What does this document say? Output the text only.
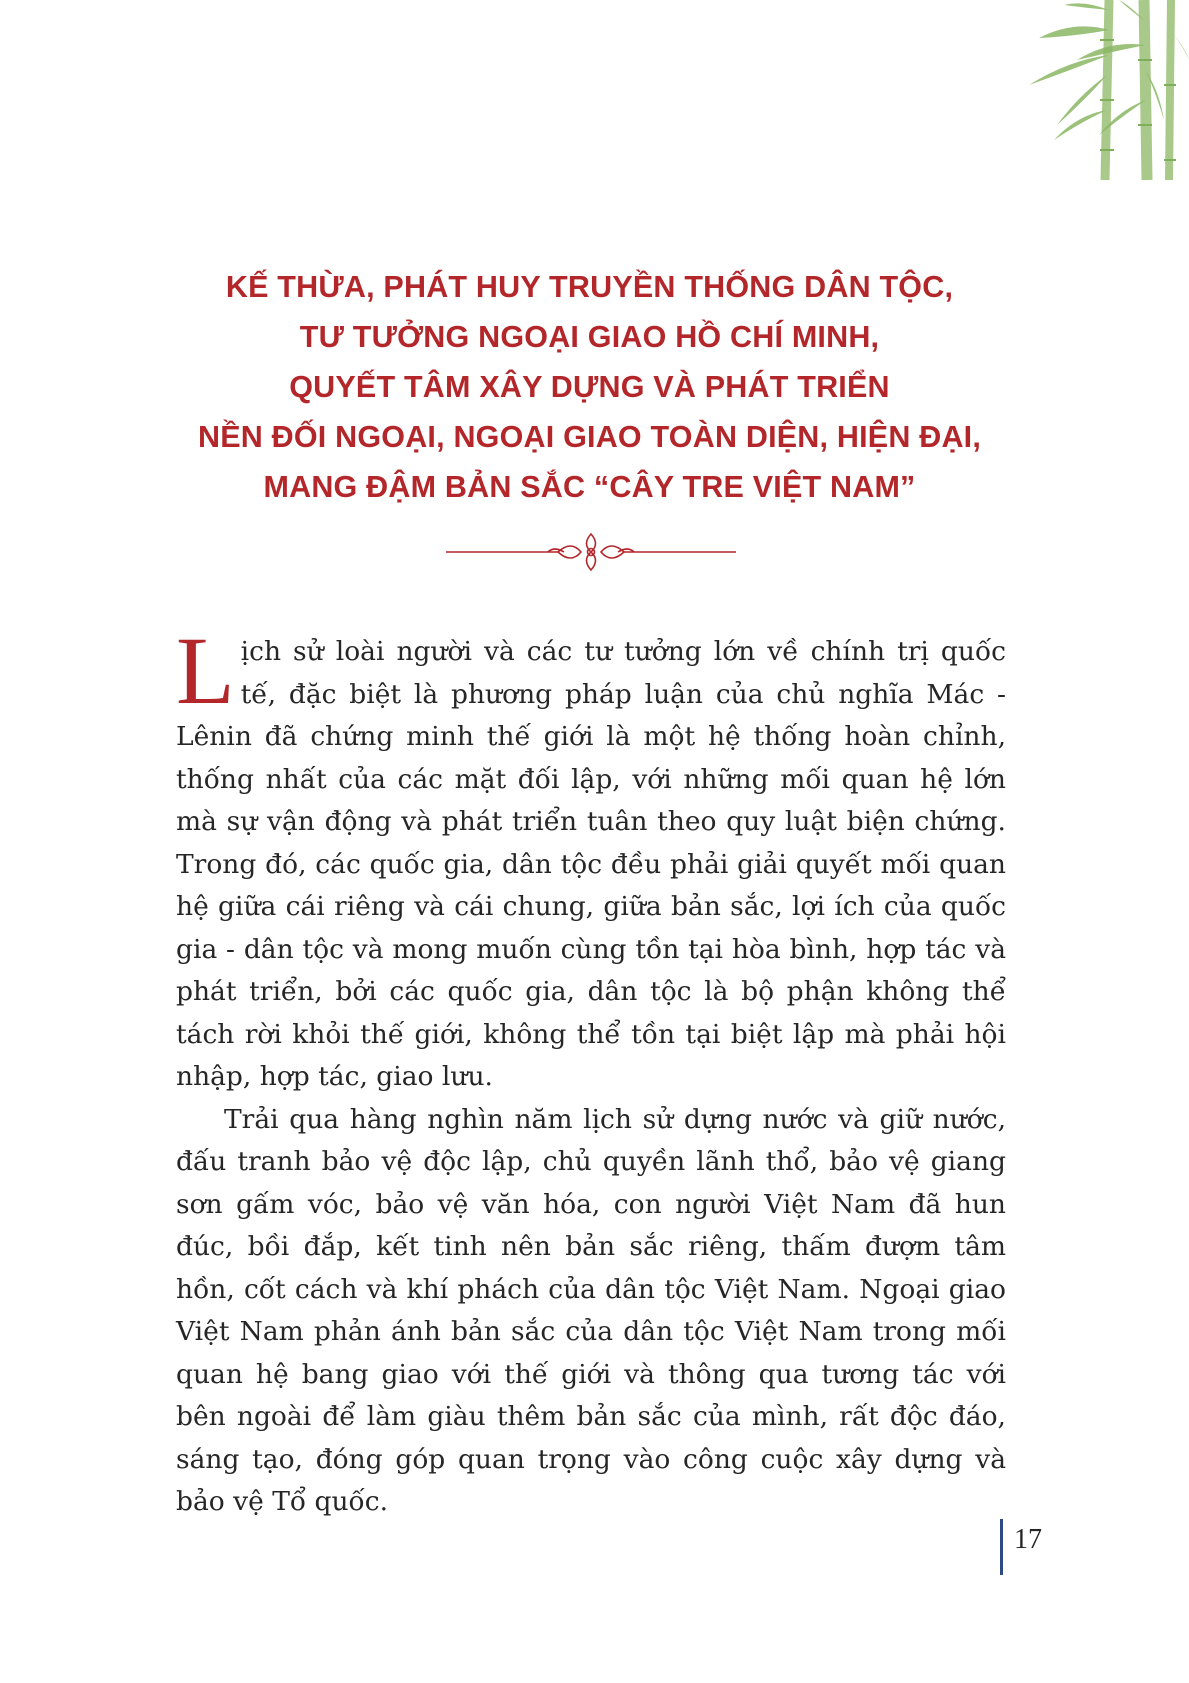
KẾ THỪA, PHÁT HUY TRUYỀN THỐNG DÂN TỘC,
TƯ TƯỞNG NGOẠI GIAO HỒ CHÍ MINH,
QUYẾT TÂM XÂY DỰNG VÀ PHÁT TRIỂN
NỀN ĐỐI NGOẠI, NGOẠI GIAO TOÀN DIỆN, HIỆN ĐẠI,
MANG ĐẬM BẢN SẮC “CÂY TRE VIỆT NAM”

Lịch sử loài người và các tư tưởng lớn về chính trị quốc tế, đặc biệt là phương pháp luận của chủ nghĩa Mác - Lênin đã chứng minh thế giới là một hệ thống hoàn chỉnh, thống nhất của các mặt đối lập, với những mối quan hệ lớn mà sự vận động và phát triển tuân theo quy luật biện chứng. Trong đó, các quốc gia, dân tộc đều phải giải quyết mối quan hệ giữa cái riêng và cái chung, giữa bản sắc, lợi ích của quốc gia - dân tộc và mong muốn cùng tồn tại hòa bình, hợp tác và phát triển, bởi các quốc gia, dân tộc là bộ phận không thể tách rời khỏi thế giới, không thể tồn tại biệt lập mà phải hội nhập, hợp tác, giao lưu.

Trải qua hàng nghìn năm lịch sử dựng nước và giữ nước, đấu tranh bảo vệ độc lập, chủ quyền lãnh thổ, bảo vệ giang sơn gấm vóc, bảo vệ văn hóa, con người Việt Nam đã hun đúc, bồi đắp, kết tinh nên bản sắc riêng, thấm đượm tâm hồn, cốt cách và khí phách của dân tộc Việt Nam. Ngoại giao Việt Nam phản ánh bản sắc của dân tộc Việt Nam trong mối quan hệ bang giao với thế giới và thông qua tương tác với bên ngoài để làm giàu thêm bản sắc của mình, rất độc đáo, sáng tạo, đóng góp quan trọng vào công cuộc xây dựng và bảo vệ Tổ quốc.

17
